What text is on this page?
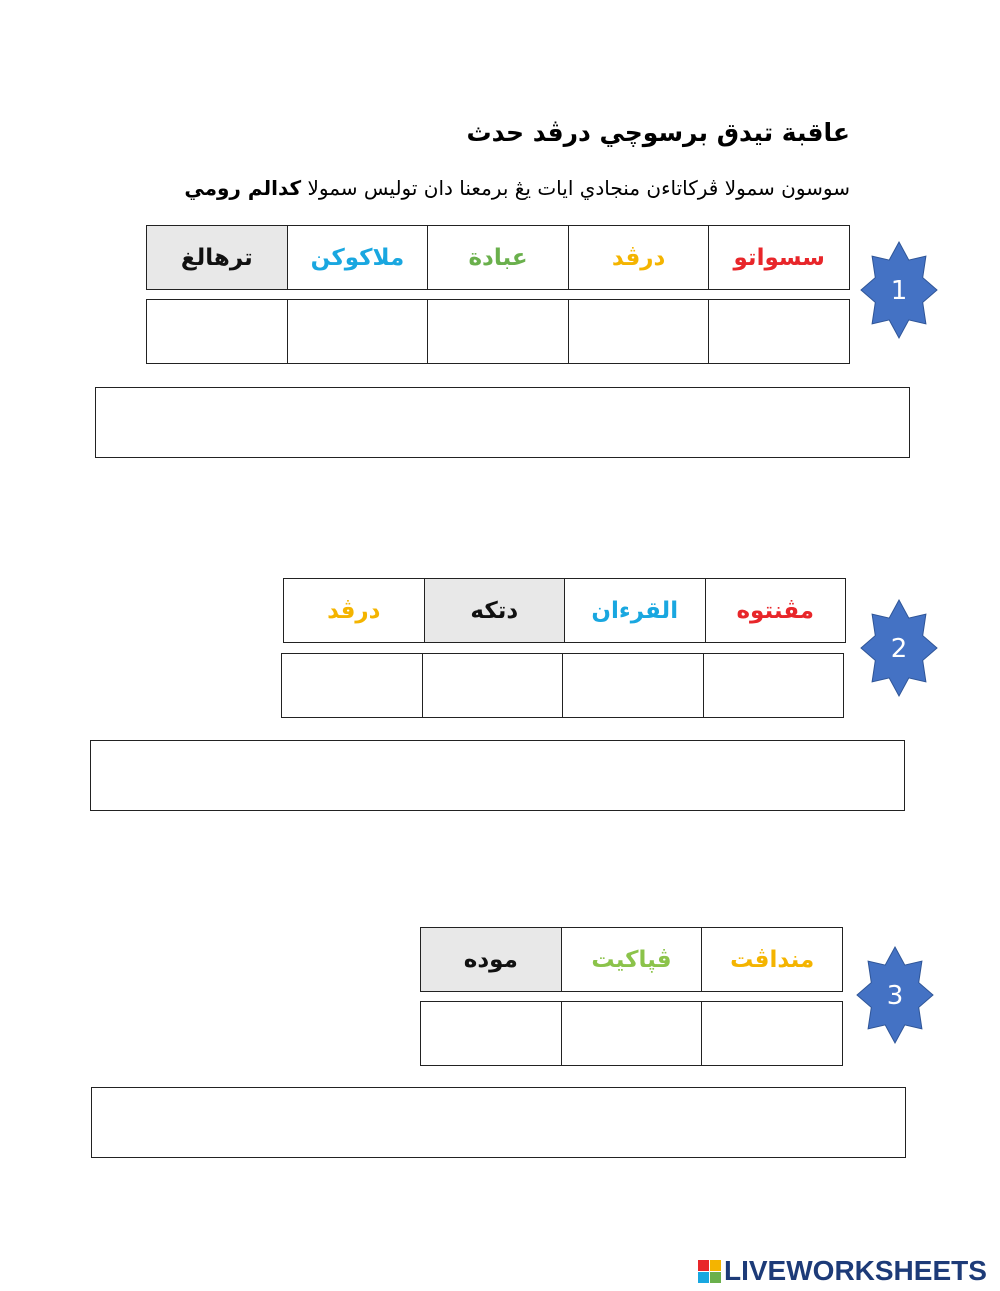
عاقبة تيدق برسوچي درڤد حدث
سوسون سمولا ڤرکاتاءن منجادي ايات يڠ برمعنا دان توليس سمولا كدالم رومي
سسواتو
درڤد
عبادة
ملاكوكن
ترهالغ
1
مڤنتوه
القرءان
دتكه
درڤد
2
منداڤت
ڤپاكيت
موده
3
LIVEWORKSHEETS
